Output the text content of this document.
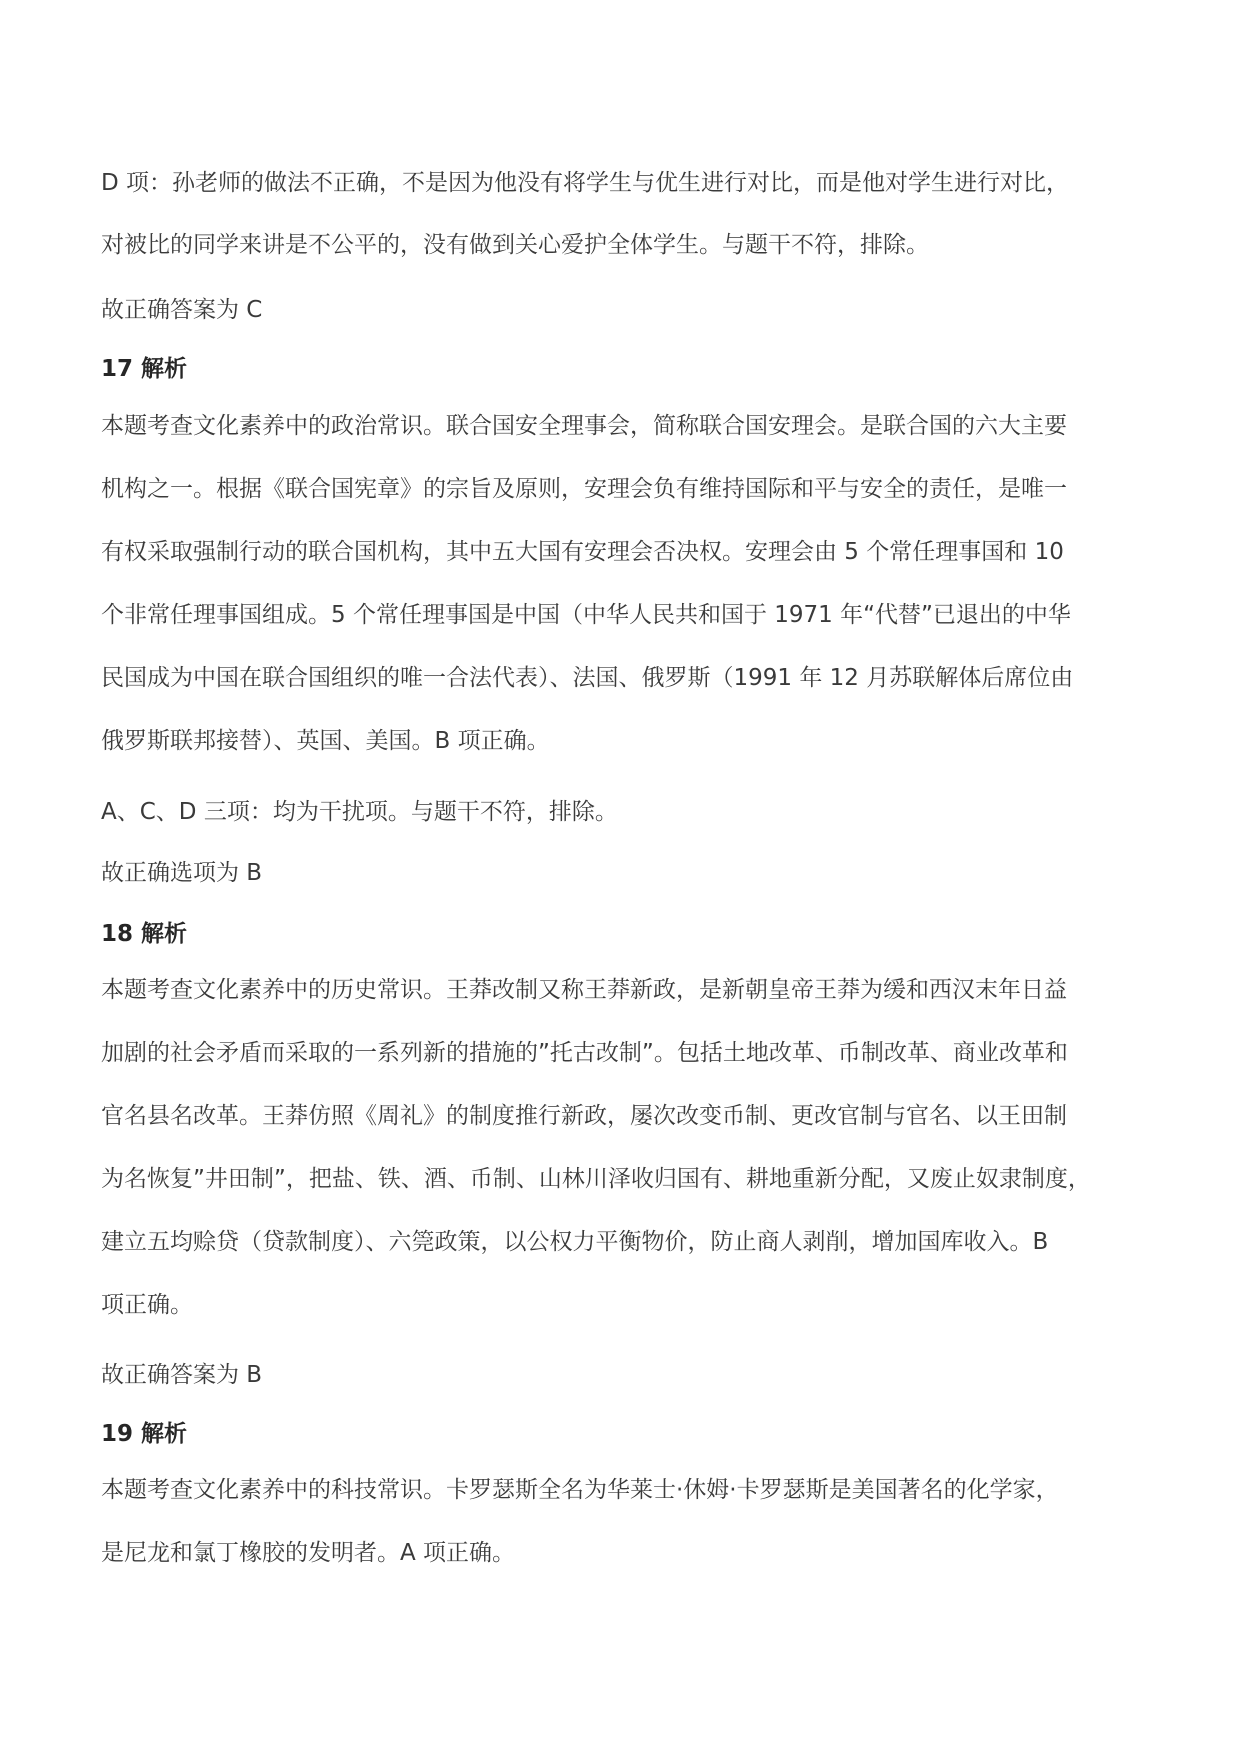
D 项：孙老师的做法不正确，不是因为他没有将学生与优生进行对比，而是他对学生进行对比，

对被比的同学来讲是不公平的，没有做到关心爱护全体学生。与题干不符，排除。

故正确答案为 C

17 解析

本题考查文化素养中的政治常识。联合国安全理事会，简称联合国安理会。是联合国的六大主要

机构之一。根据《联合国宪章》的宗旨及原则，安理会负有维持国际和平与安全的责任，是唯一

有权采取强制行动的联合国机构，其中五大国有安理会否决权。安理会由 5 个常任理事国和 10

个非常任理事国组成。5 个常任理事国是中国（中华人民共和国于 1971 年“代替”已退出的中华

民国成为中国在联合国组织的唯一合法代表）、法国、俄罗斯（1991 年 12 月苏联解体后席位由

俄罗斯联邦接替）、英国、美国。B 项正确。

A、C、D 三项：均为干扰项。与题干不符，排除。

故正确选项为 B

18 解析

本题考查文化素养中的历史常识。王莽改制又称王莽新政，是新朝皇帝王莽为缓和西汉末年日益

加剧的社会矛盾而采取的一系列新的措施的”托古改制”。包括土地改革、币制改革、商业改革和

官名县名改革。王莽仿照《周礼》的制度推行新政，屡次改变币制、更改官制与官名、以王田制

为名恢复”井田制”，把盐、铁、酒、币制、山林川泽收归国有、耕地重新分配，又废止奴隶制度，

建立五均赊贷（贷款制度）、六筦政策，以公权力平衡物价，防止商人剥削，增加国库收入。B

项正确。

故正确答案为 B

19 解析

本题考查文化素养中的科技常识。卡罗瑟斯全名为华莱士·休姆·卡罗瑟斯是美国著名的化学家，

是尼龙和氯丁橡胶的发明者。A 项正确。
